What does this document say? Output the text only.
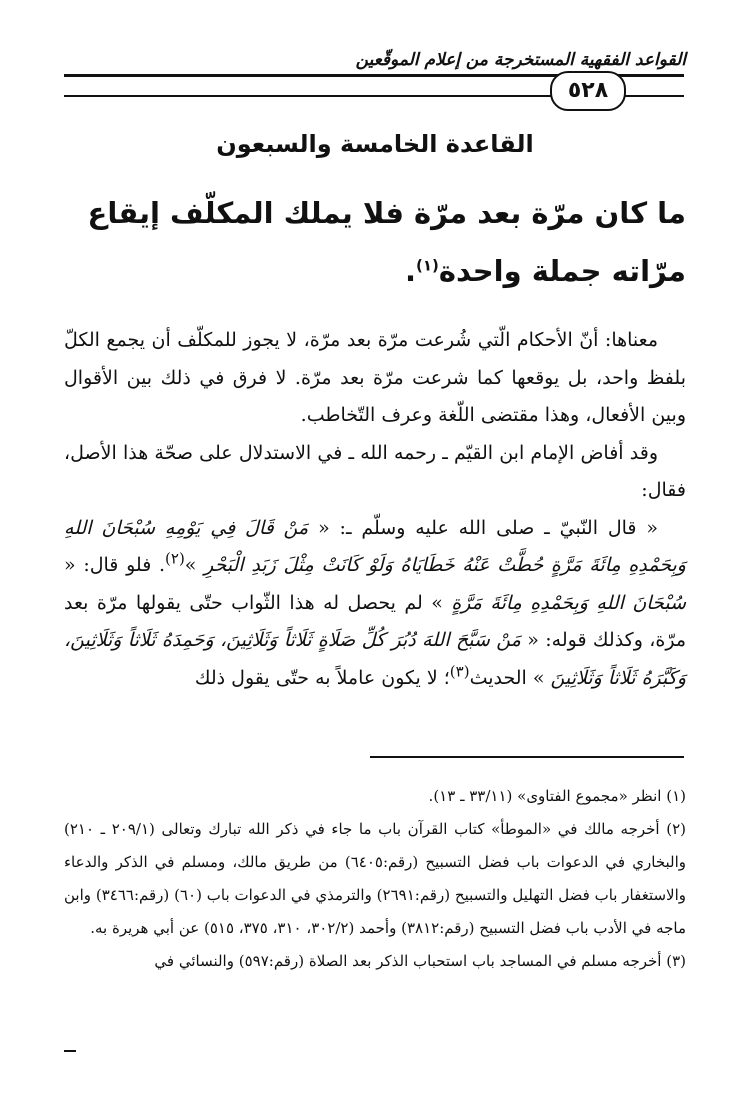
القواعد الفقهية المستخرجة من إعلام الموقّعين
٥٢٨
القاعدة الخامسة والسبعون
ما كان مرّة بعد مرّة فلا يملك المكلّف إيقاع مرّاته جملة واحدة$^{(١)}$.

معناها: أنّ الأحكام الّتي شُرعت مرّة بعد مرّة، لا يجوز للمكلّف أن يجمع الكلّ بلفظ واحد، بل يوقعها كما شرعت مرّة بعد مرّة. لا فرق في ذلك بين الأقوال وبين الأفعال، وهذا مقتضى اللّغة وعرف التّخاطب.

وقد أفاض الإمام ابن القيّم ـ رحمه الله ـ في الاستدلال على صحّة هذا الأصل، فقال:

« قال النّبيّ ـ صلى الله عليه وسلّم ـ: « مَنْ قَالَ فِي يَوْمِهِ سُبْحَانَ اللهِ وَبِحَمْدِهِ مِائَةَ مَرَّةٍ حُطَّتْ عَنْهُ خَطَايَاهُ وَلَوْ كَانَتْ مِثْلَ زَبَدِ الْبَحْرِ »$^{(٢)}$. فلو قال: « سُبْحَانَ اللهِ وَبِحَمْدِهِ مِائَةَ مَرَّةٍ » لم يحصل له هذا الثّواب حتّى يقولها مرّة بعد مرّة، وكذلك قوله: « مَنْ سَبَّحَ اللهَ دُبُرَ كُلِّ صَلَاةٍ ثَلَاثاً وَثَلَاثِينَ، وَحَمِدَهُ ثَلَاثاً وَثَلَاثِينَ، وَكَبَّرَهُ ثَلَاثاً وَثَلَاثِينَ » الحديث$^{(٣)}$؛ لا يكون عاملاً به حتّى يقول ذلك

(١) انظر «مجموع الفتاوى» (٣٣/١١ ـ ١٣).

(٢) أخرجه مالك في «الموطأ» كتاب القرآن باب ما جاء في ذكر الله تبارك وتعالى (٢٠٩/١ ـ ٢١٠) والبخاري في الدعوات باب فضل التسبيح (رقم:٦٤٠٥) من طريق مالك، ومسلم في الذكر والدعاء والاستغفار باب فضل التهليل والتسبيح (رقم:٢٦٩١) والترمذي في الدعوات باب (٦٠) (رقم:٣٤٦٦) وابن ماجه في الأدب باب فضل التسبيح (رقم:٣٨١٢) وأحمد (٣٠٢/٢، ٣١٠، ٣٧٥، ٥١٥) عن أبي هريرة به.

(٣) أخرجه مسلم في المساجد باب استحباب الذكر بعد الصلاة (رقم:٥٩٧) والنسائي في
